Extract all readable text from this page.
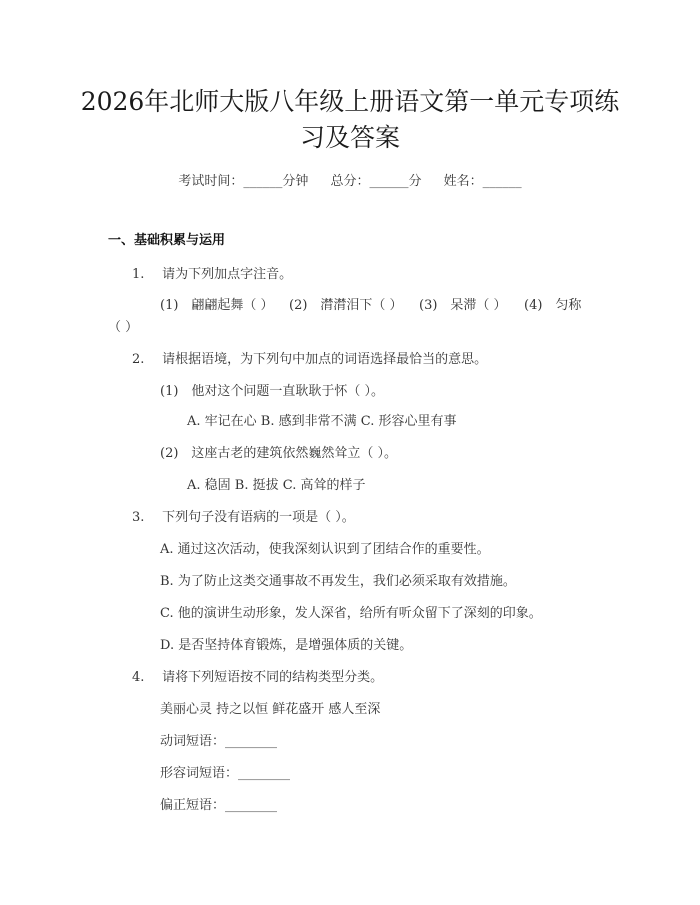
2026年北师大版八年级上册语文第一单元专项练习及答案
考试时间：______分钟 总分：______分 姓名：______
一、基础积累与运用
1. 请为下列加点字注音。
(1)　翩翩起舞（ ） (2)　潸潸泪下（ ） (3)　呆滞（ ） (4)　匀称
（ ）
2. 请根据语境，为下列句中加点的词语选择最恰当的意思。
(1)　他对这个问题一直耿耿于怀（ ）。
A. 牢记在心 B. 感到非常不满 C. 形容心里有事
(2)　这座古老的建筑依然巍然耸立（ ）。
A. 稳固 B. 挺拔 C. 高耸的样子
3. 下列句子没有语病的一项是（ ）。
A. 通过这次活动，使我深刻认识到了团结合作的重要性。
B. 为了防止这类交通事故不再发生，我们必须采取有效措施。
C. 他的演讲生动形象，发人深省，给所有听众留下了深刻的印象。
D. 是否坚持体育锻炼，是增强体质的关键。
4. 请将下列短语按不同的结构类型分类。
美丽心灵 持之以恒 鲜花盛开 感人至深
动词短语：________
形容词短语：________
偏正短语：________
